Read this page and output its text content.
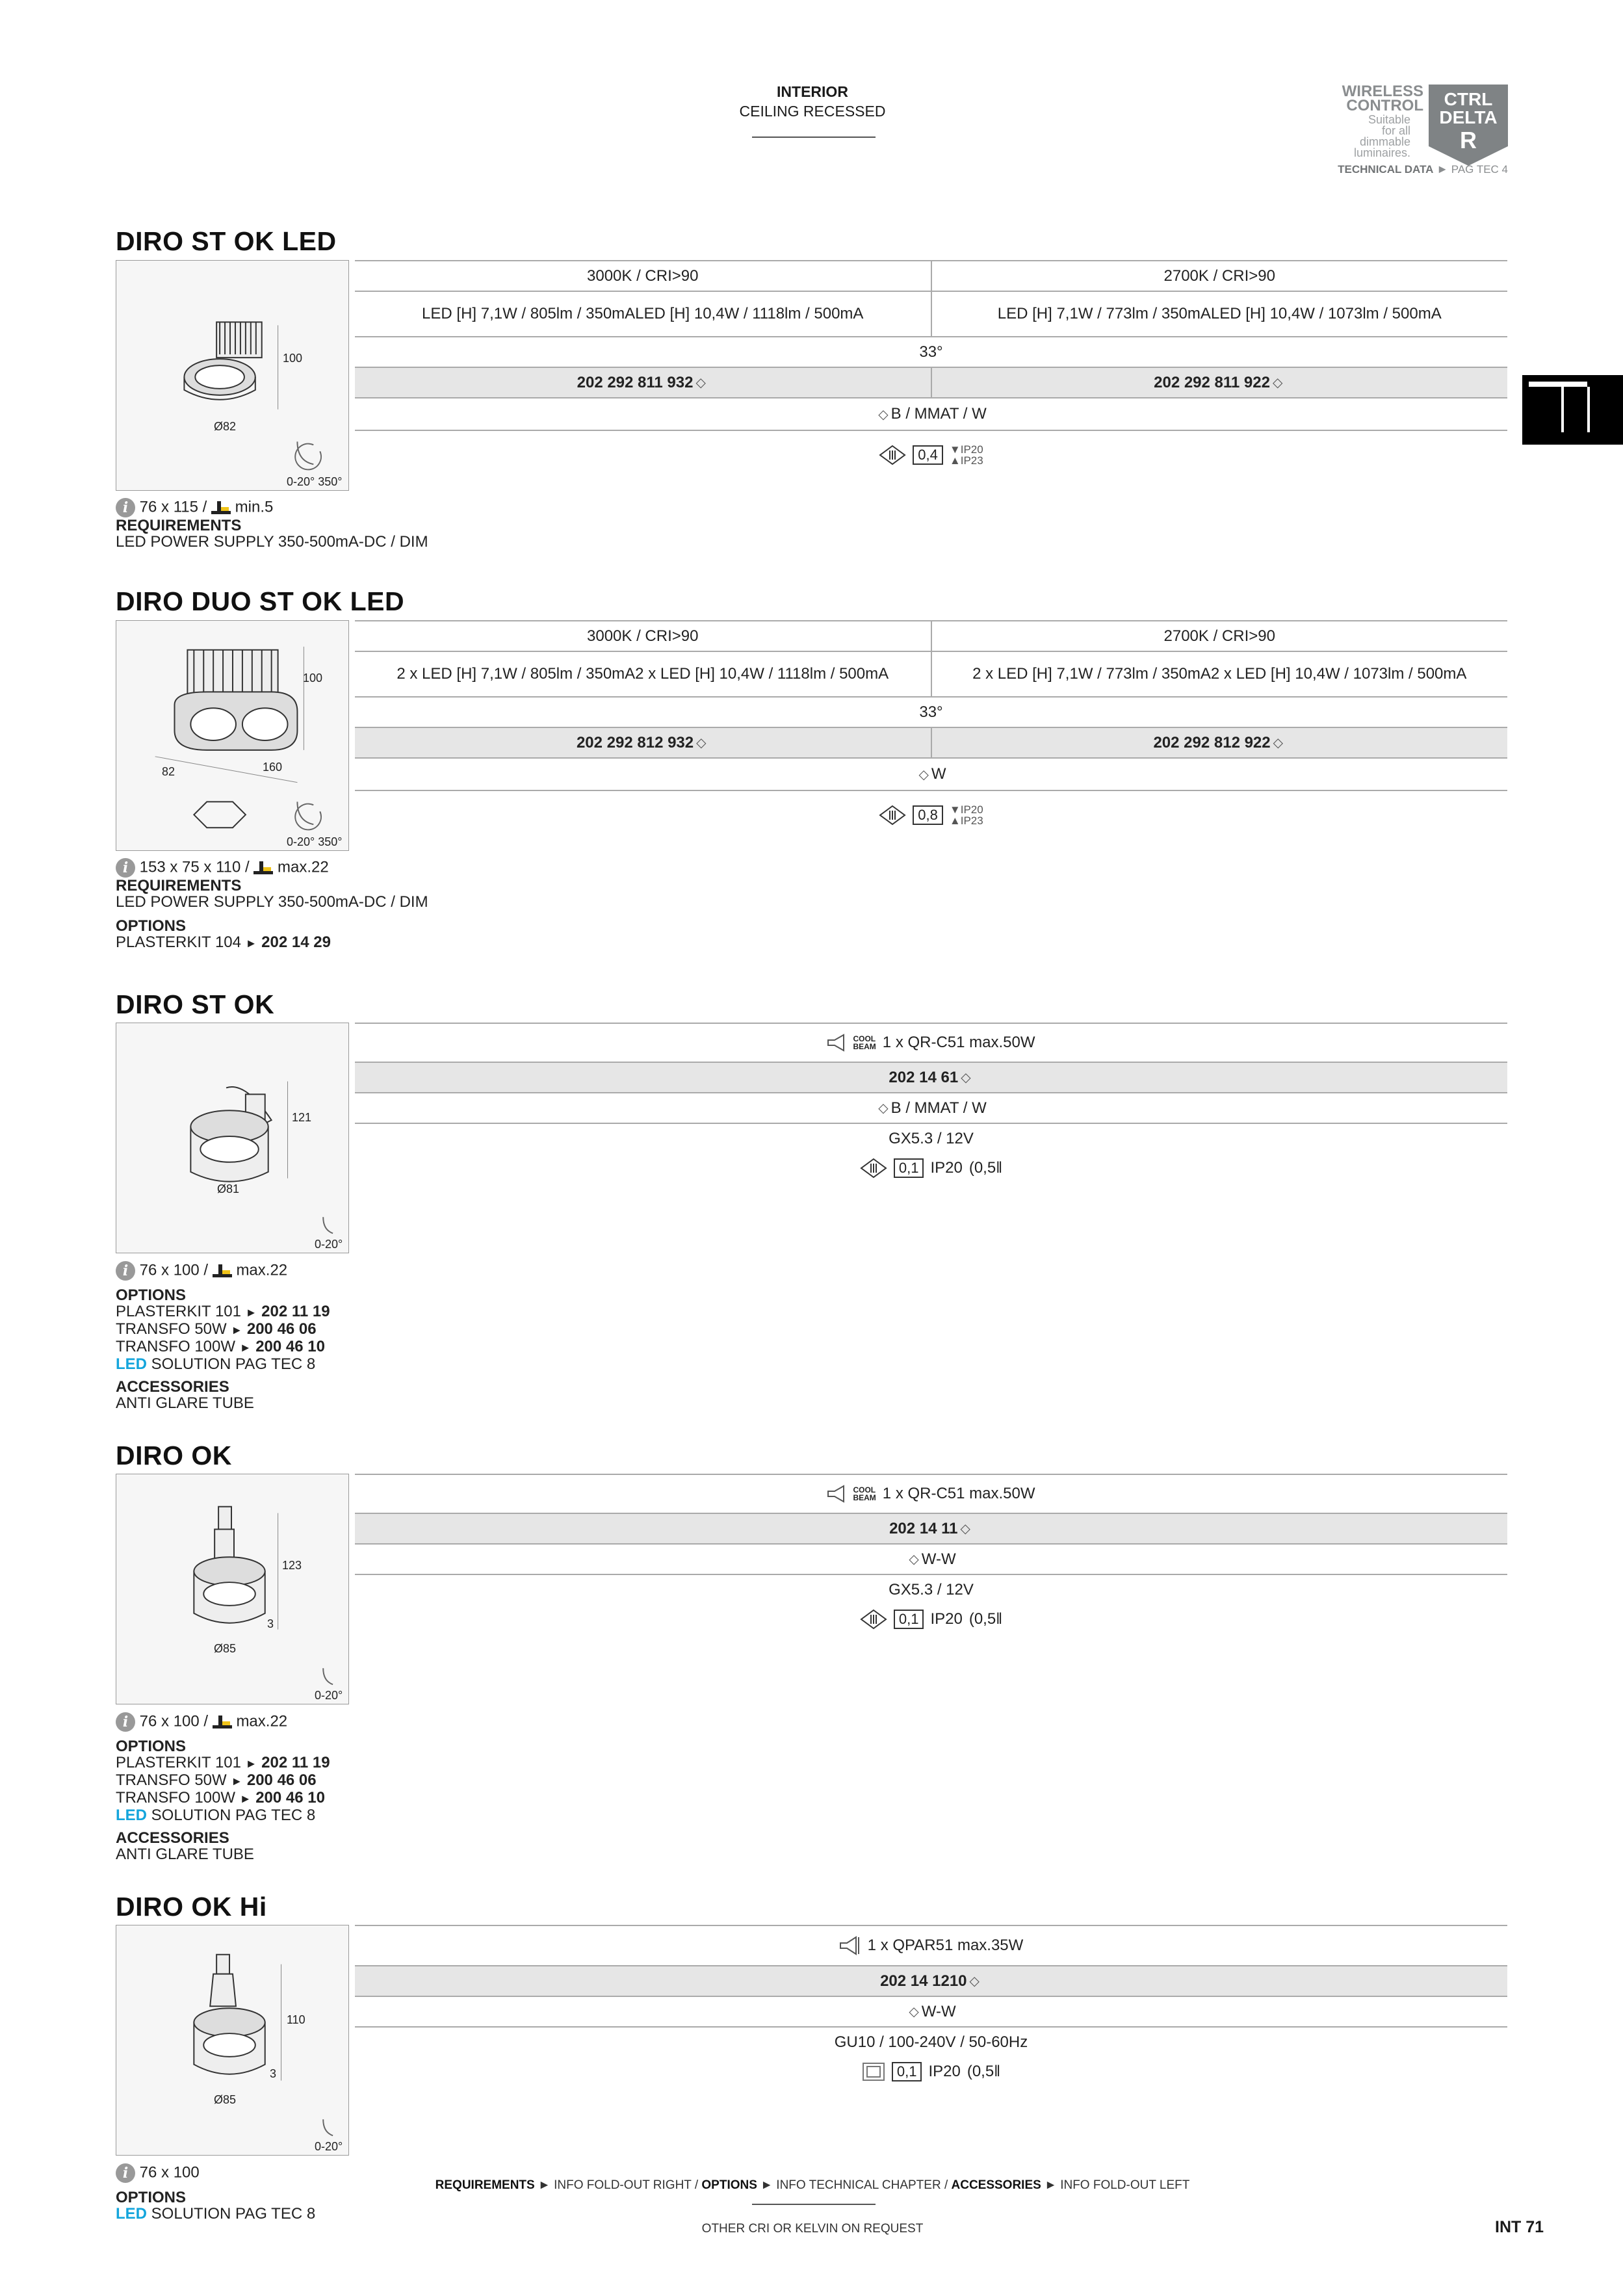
INTERIOR
CEILING RECESSED
WIRELESS
CONTROL
Suitable
for all
dimmable
luminaires.
CTRL
DELTA
R
TECHNICAL DATA ► PAG TEC 4
DIRO ST OK LED
100
Ø82
0-20° 350°
i 76 x 115 / min.5
REQUIREMENTS
LED POWER SUPPLY 350-500mA-DC / DIM
3000K / CRI>90	2700K / CRI>90
LED [H] 7,1W / 805lm / 350mA LED [H] 10,4W / 1118lm / 500mA	LED [H] 7,1W / 773lm / 350mA LED [H] 10,4W / 1073lm / 500mA
33°
202 292 811 932 ◇	202 292 811 922 ◇
◇ B / MMAT / W
0,4	▼IP20
▲IP23
DIRO DUO ST OK LED
100
82	160
0-20° 350°
i 153 x 75 x 110 / max.22
REQUIREMENTS
LED POWER SUPPLY 350-500mA-DC / DIM
OPTIONS
PLASTERKIT 104 ► 202 14 29
3000K / CRI>90	2700K / CRI>90
2 x LED [H] 7,1W / 805lm / 350mA 2 x LED [H] 10,4W / 1118lm / 500mA	2 x LED [H] 7,1W / 773lm / 350mA 2 x LED [H] 10,4W / 1073lm / 500mA
33°
202 292 812 932 ◇	202 292 812 922 ◇
◇ W
0,8	▼IP20
▲IP23
DIRO ST OK
121
Ø81
0-20°
i 76 x 100 / max.22
OPTIONS
PLASTERKIT 101 ► 202 11 19
TRANSFO 50W ► 200 46 06
TRANSFO 100W ► 200 46 10
LED SOLUTION PAG TEC 8
ACCESSORIES
ANTI GLARE TUBE
COOL
BEAM 1 x QR-C51 max.50W
202 14 61 ◇
◇ B / MMAT / W
GX5.3 / 12V
0,1 IP20 (0,5‖
DIRO OK
123
3
Ø85
0-20°
i 76 x 100 / max.22
OPTIONS
PLASTERKIT 101 ► 202 11 19
TRANSFO 50W ► 200 46 06
TRANSFO 100W ► 200 46 10
LED SOLUTION PAG TEC 8
ACCESSORIES
ANTI GLARE TUBE
COOL
BEAM 1 x QR-C51 max.50W
202 14 11 ◇
◇ W-W
GX5.3 / 12V
0,1 IP20 (0,5‖
DIRO OK Hi
110
3
Ø85
0-20°
i 76 x 100
OPTIONS
LED SOLUTION PAG TEC 8
1 x QPAR51 max.35W
202 14 1210 ◇
◇ W-W
GU10 / 100-240V / 50-60Hz
0,1 IP20 (0,5‖
REQUIREMENTS ► INFO FOLD-OUT RIGHT / OPTIONS ► INFO TECHNICAL CHAPTER / ACCESSORIES ► INFO FOLD-OUT LEFT
OTHER CRI OR KELVIN ON REQUEST	INT 71
